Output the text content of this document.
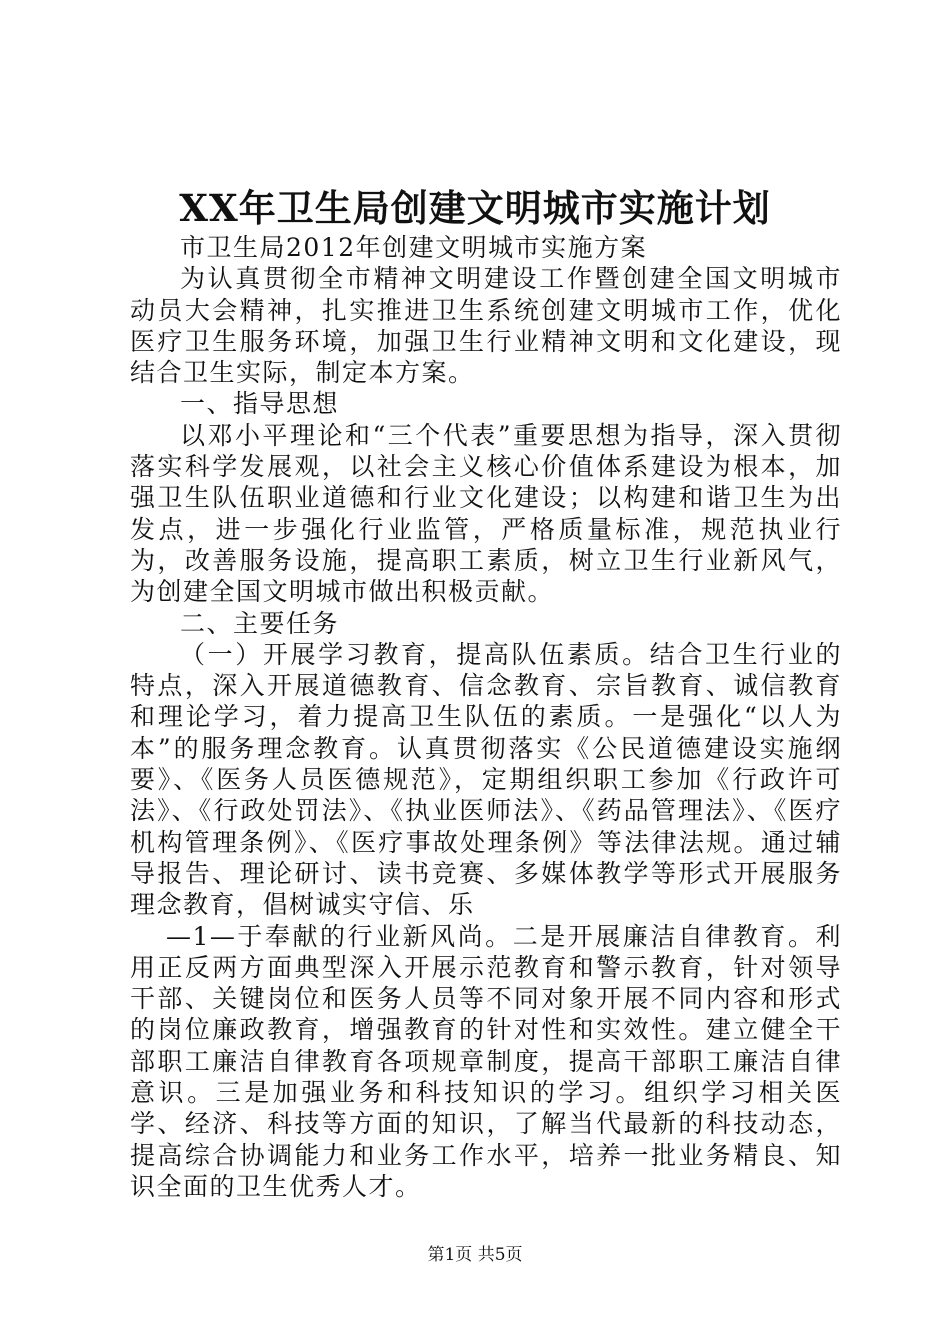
XX年卫生局创建文明城市实施计划

市卫生局2012年创建文明城市实施方案

为认真贯彻全市精神文明建设工作暨创建全国文明城市动员大会精神，扎实推进卫生系统创建文明城市工作，优化医疗卫生服务环境，加强卫生行业精神文明和文化建设，现结合卫生实际，制定本方案。

一、指导思想

以邓小平理论和“三个代表”重要思想为指导，深入贯彻落实科学发展观，以社会主义核心价值体系建设为根本，加强卫生队伍职业道德和行业文化建设；以构建和谐卫生为出发点，进一步强化行业监管，严格质量标准，规范执业行为，改善服务设施，提高职工素质，树立卫生行业新风气，为创建全国文明城市做出积极贡献。

二、主要任务

（一）开展学习教育，提高队伍素质。结合卫生行业的特点，深入开展道德教育、信念教育、宗旨教育、诚信教育和理论学习，着力提高卫生队伍的素质。一是强化“以人为本”的服务理念教育。认真贯彻落实《公民道德建设实施纲要》、《医务人员医德规范》，定期组织职工参加《行政许可法》、《行政处罚法》、《执业医师法》、《药品管理法》、《医疗机构管理条例》、《医疗事故处理条例》等法律法规。通过辅导报告、理论研讨、读书竞赛、多媒体教学等形式开展服务理念教育，倡树诚实守信、乐

—1—于奉献的行业新风尚。二是开展廉洁自律教育。利用正反两方面典型深入开展示范教育和警示教育，针对领导干部、关键岗位和医务人员等不同对象开展不同内容和形式的岗位廉政教育，增强教育的针对性和实效性。建立健全干部职工廉洁自律教育各项规章制度，提高干部职工廉洁自律意识。三是加强业务和科技知识的学习。组织学习相关医学、经济、科技等方面的知识，了解当代最新的科技动态，提高综合协调能力和业务工作水平，培养一批业务精良、知识全面的卫生优秀人才。

第1页 共5页
